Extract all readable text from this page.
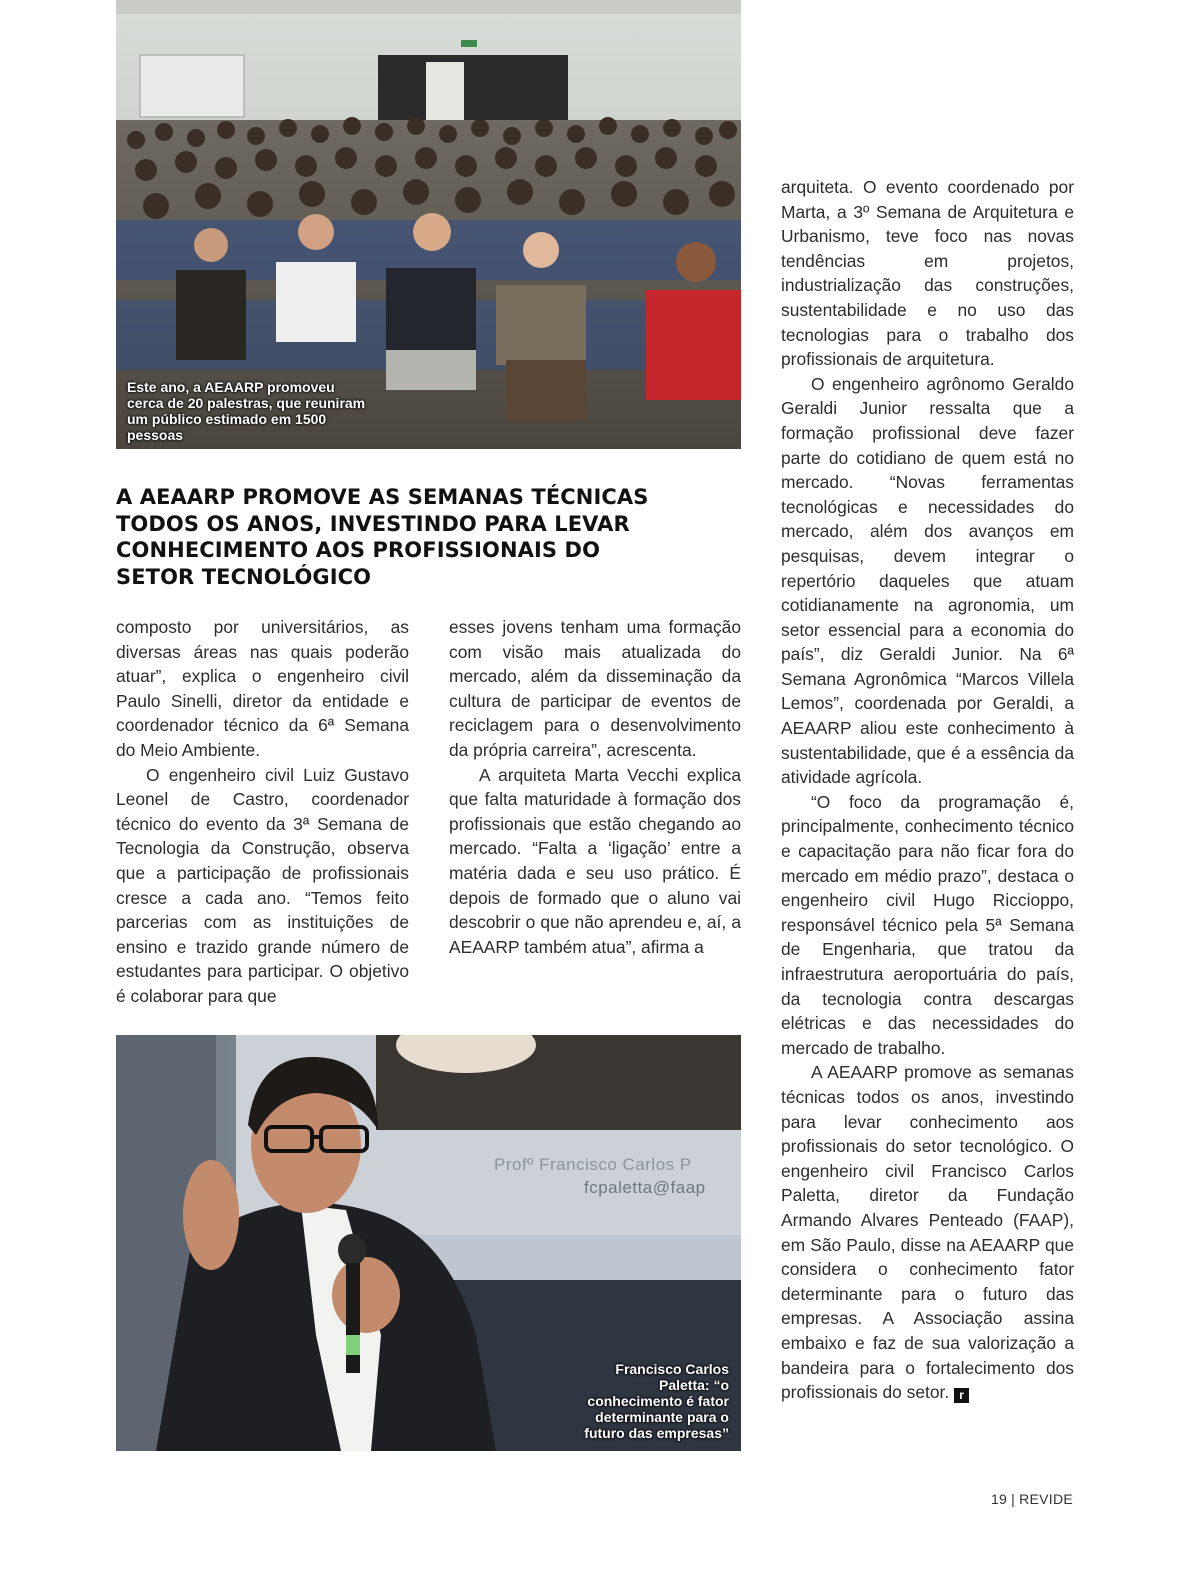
Este ano, a AEAARP promoveu cerca de 20 palestras, que reuniram um público estimado em 1500 pessoas

A AEAARP PROMOVE AS SEMANAS TÉCNICAS TODOS OS ANOS, INVESTINDO PARA LEVAR CONHECIMENTO AOS PROFISSIONAIS DO SETOR TECNOLÓGICO

composto por universitários, as diversas áreas nas quais poderão atuar”, explica o engenheiro civil Paulo Sinelli, diretor da entidade e coordenador técnico da 6ª Semana do Meio Ambiente.

O engenheiro civil Luiz Gustavo Leonel de Castro, coordenador técnico do evento da 3ª Semana de Tecnologia da Construção, observa que a participação de profissionais cresce a cada ano. “Temos feito parcerias com as instituições de ensino e trazido grande número de estudantes para participar. O objetivo é colaborar para que

esses jovens tenham uma formação com visão mais atualizada do mercado, além da disseminação da cultura de participar de eventos de reciclagem para o desenvolvimento da própria carreira”, acrescenta.

A arquiteta Marta Vecchi explica que falta maturidade à formação dos profissionais que estão chegando ao mercado. “Falta a ‘ligação’ entre a matéria dada e seu uso prático. É depois de formado que o aluno vai descobrir o que não aprendeu e, aí, a AEAARP também atua”, afirma a

arquiteta. O evento coordenado por Marta, a 3º Semana de Arquitetura e Urbanismo, teve foco nas novas tendências em projetos, industrialização das construções, sustentabilidade e no uso das tecnologias para o trabalho dos profissionais de arquitetura.

O engenheiro agrônomo Geraldo Geraldi Junior ressalta que a formação profissional deve fazer parte do cotidiano de quem está no mercado. “Novas ferramentas tecnológicas e necessidades do mercado, além dos avanços em pesquisas, devem integrar o repertório daqueles que atuam cotidianamente na agronomia, um setor essencial para a economia do país”, diz Geraldi Junior. Na 6ª Semana Agronômica “Marcos Villela Lemos”, coordenada por Geraldi, a AEAARP aliou este conhecimento à sustentabilidade, que é a essência da atividade agrícola.

“O foco da programação é, principalmente, conhecimento técnico e capacitação para não ficar fora do mercado em médio prazo”, destaca o engenheiro civil Hugo Riccioppo, responsável técnico pela 5ª Semana de Engenharia, que tratou da infraestrutura aeroportuária do país, da tecnologia contra descargas elétricas e das necessidades do mercado de trabalho.

A AEAARP promove as semanas técnicas todos os anos, investindo para levar conhecimento aos profissionais do setor tecnológico. O engenheiro civil Francisco Carlos Paletta, diretor da Fundação Armando Alvares Penteado (FAAP), em São Paulo, disse na AEAARP que considera o conhecimento fator determinante para o futuro das empresas. A Associação assina embaixo e faz de sua valorização a bandeira para o fortalecimento dos profissionais do setor. r

Profº Francisco Carlos P
fcpaletta@faap

Francisco Carlos Paletta: “o conhecimento é fator determinante para o futuro das empresas”

19 | REVIDE
